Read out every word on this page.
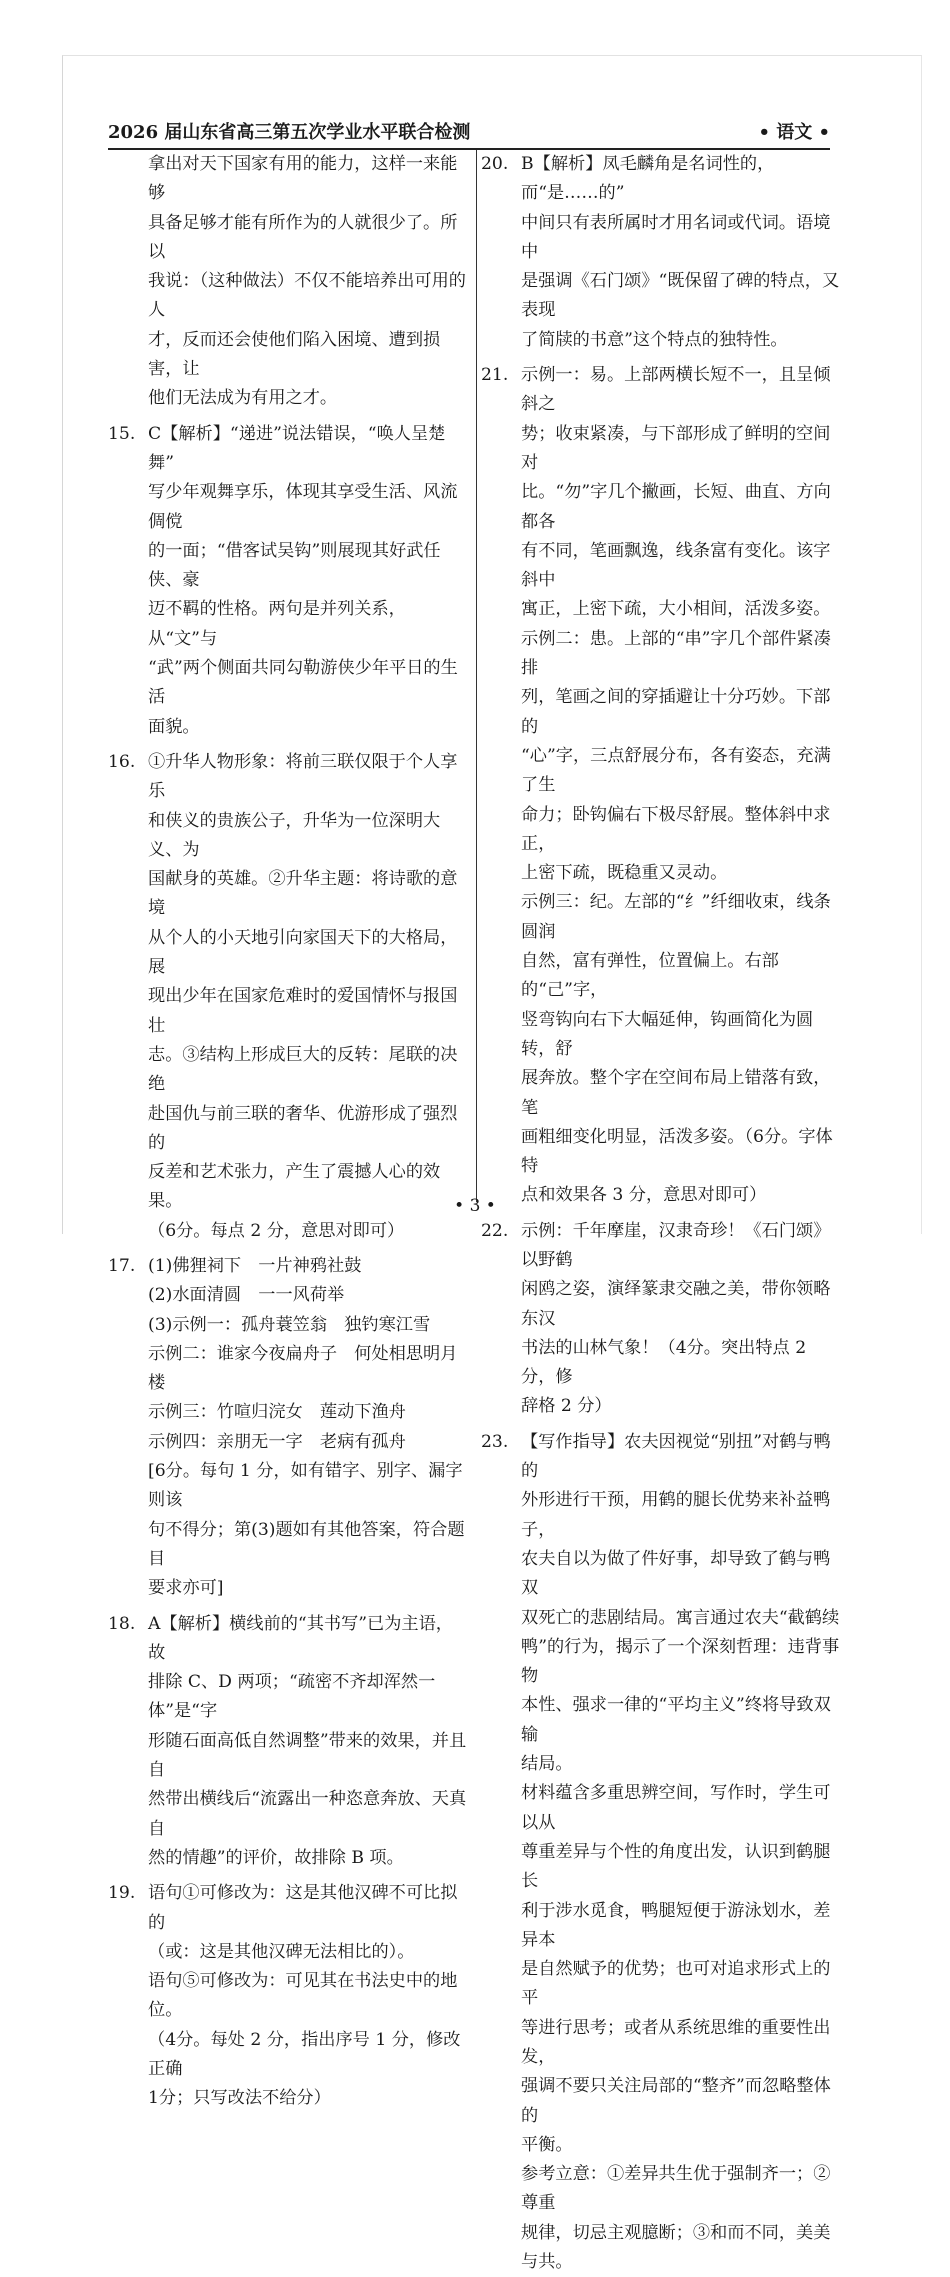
2026 届山东省高三第五次学业水平联合检测	• 语文 •

拿出对天下国家有用的能力，这样一来能够
具备足够才能有所作为的人就很少了。所以
我说：（这种做法）不仅不能培养出可用的人
才，反而还会使他们陷入困境、遭到损害，让
他们无法成为有用之才。

15. C【解析】“递进”说法错误，“唤人呈楚舞”
写少年观舞享乐，体现其享受生活、风流倜傥
的一面；“借客试吴钩”则展现其好武任侠、豪
迈不羁的性格。两句是并列关系，从“文”与
“武”两个侧面共同勾勒游侠少年平日的生活
面貌。

16. ①升华人物形象：将前三联仅限于个人享乐
和侠义的贵族公子，升华为一位深明大义、为
国献身的英雄。②升华主题：将诗歌的意境
从个人的小天地引向家国天下的大格局，展
现出少年在国家危难时的爱国情怀与报国壮
志。③结构上形成巨大的反转：尾联的决绝
赴国仇与前三联的奢华、优游形成了强烈的
反差和艺术张力，产生了震撼人心的效果。
（6分。每点 2 分，意思对即可）

17. (1)佛狸祠下　一片神鸦社鼓
(2)水面清圆　一一风荷举
(3)示例一：孤舟蓑笠翁　独钓寒江雪
示例二：谁家今夜扁舟子　何处相思明月楼
示例三：竹喧归浣女　莲动下渔舟
示例四：亲朋无一字　老病有孤舟
[6分。每句 1 分，如有错字、别字、漏字则该
句不得分；第(3)题如有其他答案，符合题目
要求亦可]

18. A【解析】横线前的“其书写”已为主语，故
排除 C、D 两项；“疏密不齐却浑然一体”是“字
形随石面高低自然调整”带来的效果，并且自
然带出横线后“流露出一种恣意奔放、天真自
然的情趣”的评价，故排除 B 项。

19. 语句①可修改为：这是其他汉碑不可比拟的
（或：这是其他汉碑无法相比的）。
语句⑤可修改为：可见其在书法史中的地位。
（4分。每处 2 分，指出序号 1 分，修改正确
1分；只写改法不给分）

20. B【解析】凤毛麟角是名词性的，而“是……的”
中间只有表所属时才用名词或代词。语境中
是强调《石门颂》“既保留了碑的特点，又表现
了简牍的书意”这个特点的独特性。

21. 示例一：易。上部两横长短不一，且呈倾斜之
势；收束紧凑，与下部形成了鲜明的空间对
比。“勿”字几个撇画，长短、曲直、方向都各
有不同，笔画飘逸，线条富有变化。该字斜中
寓正，上密下疏，大小相间，活泼多姿。
示例二：患。上部的“串”字几个部件紧凑排
列，笔画之间的穿插避让十分巧妙。下部的
“心”字，三点舒展分布，各有姿态，充满了生
命力；卧钩偏右下极尽舒展。整体斜中求正，
上密下疏，既稳重又灵动。
示例三：纪。左部的“纟”纤细收束，线条圆润
自然，富有弹性，位置偏上。右部的“己”字，
竖弯钩向右下大幅延伸，钩画简化为圆转，舒
展奔放。整个字在空间布局上错落有致，笔
画粗细变化明显，活泼多姿。（6分。字体特
点和效果各 3 分，意思对即可）

22. 示例：千年摩崖，汉隶奇珍！《石门颂》以野鹤
闲鸥之姿，演绎篆隶交融之美，带你领略东汉
书法的山林气象！（4分。突出特点 2 分，修
辞格 2 分）

23. 【写作指导】农夫因视觉“别扭”对鹤与鸭的
外形进行干预，用鹤的腿长优势来补益鸭子，
农夫自以为做了件好事，却导致了鹤与鸭双
双死亡的悲剧结局。寓言通过农夫“截鹤续
鸭”的行为，揭示了一个深刻哲理：违背事物
本性、强求一律的“平均主义”终将导致双输
结局。
材料蕴含多重思辨空间，写作时，学生可以从
尊重差异与个性的角度出发，认识到鹤腿长
利于涉水觅食，鸭腿短便于游泳划水，差异本
是自然赋予的优势；也可对追求形式上的平
等进行思考；或者从系统思维的重要性出发，
强调不要只关注局部的“整齐”而忽略整体的
平衡。
参考立意：①差异共生优于强制齐一；②尊重
规律，切忌主观臆断；③和而不同，美美与共。

• 3 •
